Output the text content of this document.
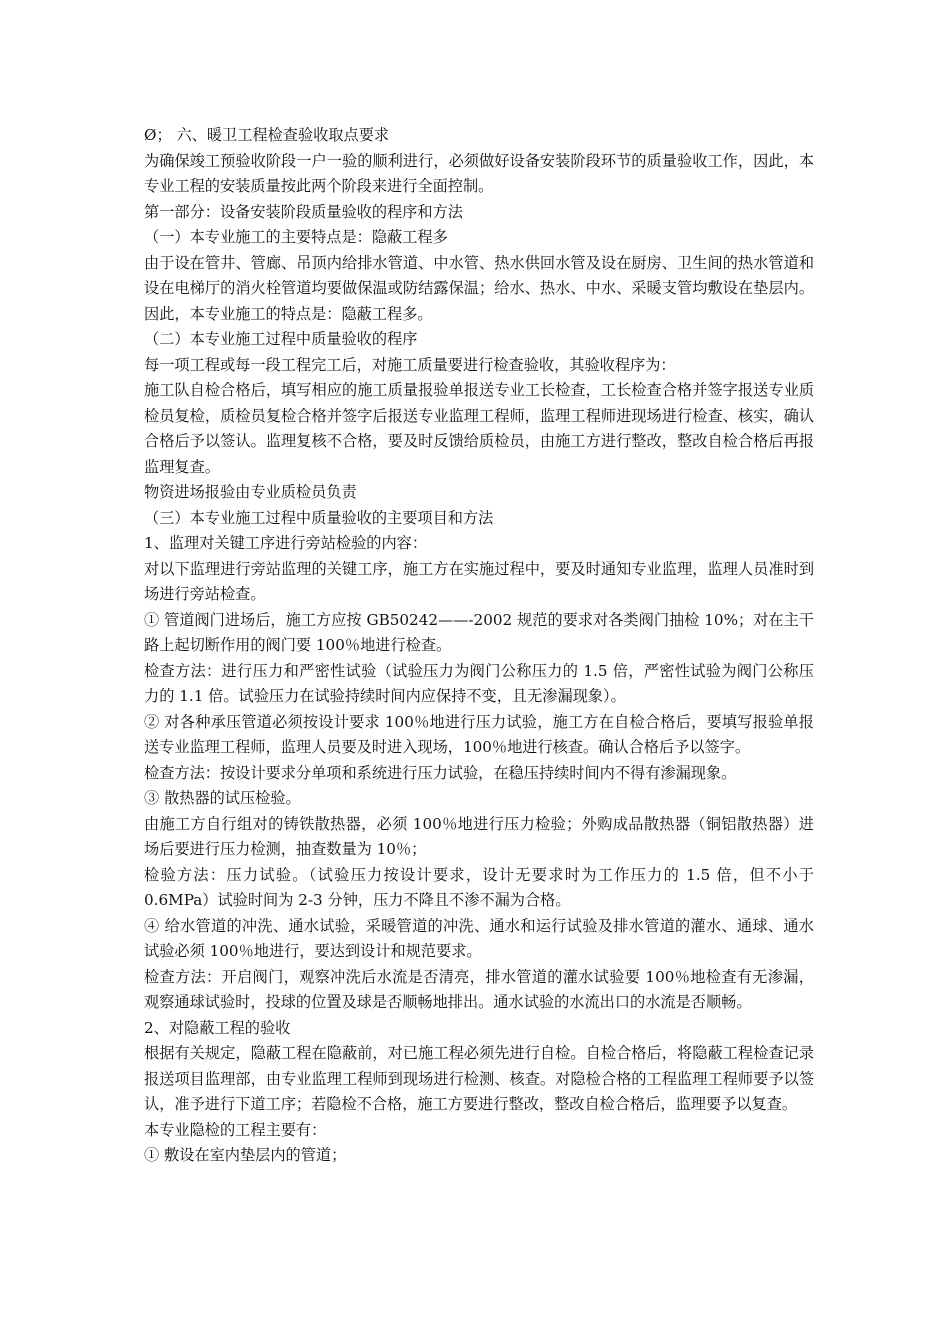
Ø； 六、暖卫工程检查验收取点要求

为确保竣工预验收阶段一户一验的顺利进行，必须做好设备安装阶段环节的质量验收工作，因此，本专业工程的安装质量按此两个阶段来进行全面控制。

第一部分：设备安装阶段质量验收的程序和方法

（一）本专业施工的主要特点是：隐蔽工程多

由于设在管井、管廊、吊顶内给排水管道、中水管、热水供回水管及设在厨房、卫生间的热水管道和设在电梯厅的消火栓管道均要做保温或防结露保温；给水、热水、中水、采暖支管均敷设在垫层内。因此，本专业施工的特点是：隐蔽工程多。

（二）本专业施工过程中质量验收的程序

每一项工程或每一段工程完工后，对施工质量要进行检查验收，其验收程序为：

施工队自检合格后，填写相应的施工质量报验单报送专业工长检查，工长检查合格并签字报送专业质检员复检，质检员复检合格并签字后报送专业监理工程师，监理工程师进现场进行检查、核实，确认合格后予以签认。监理复核不合格，要及时反馈给质检员，由施工方进行整改，整改自检合格后再报监理复查。

物资进场报验由专业质检员负责

（三）本专业施工过程中质量验收的主要项目和方法

1、监理对关键工序进行旁站检验的内容：

对以下监理进行旁站监理的关键工序，施工方在实施过程中，要及时通知专业监理，监理人员准时到场进行旁站检查。

① 管道阀门进场后，施工方应按 GB50242——-2002 规范的要求对各类阀门抽检 10%；对在主干路上起切断作用的阀门要 100％地进行检查。

检查方法：进行压力和严密性试验（试验压力为阀门公称压力的 1.5 倍，严密性试验为阀门公称压力的 1.1 倍。试验压力在试验持续时间内应保持不变，且无渗漏现象）。

② 对各种承压管道必须按设计要求 100％地进行压力试验，施工方在自检合格后，要填写报验单报送专业监理工程师，监理人员要及时进入现场，100％地进行核查。确认合格后予以签字。

检查方法：按设计要求分单项和系统进行压力试验，在稳压持续时间内不得有渗漏现象。

③ 散热器的试压检验。

由施工方自行组对的铸铁散热器，必须 100％地进行压力检验；外购成品散热器（铜铝散热器）进场后要进行压力检测，抽查数量为 10％；

检验方法：压力试验。（试验压力按设计要求，设计无要求时为工作压力的 1.5 倍，但不小于 0.6MPa）试验时间为 2-3 分钟，压力不降且不渗不漏为合格。

④ 给水管道的冲洗、通水试验，采暖管道的冲洗、通水和运行试验及排水管道的灌水、通球、通水试验必须 100％地进行，要达到设计和规范要求。

检查方法：开启阀门，观察冲洗后水流是否清亮，排水管道的灌水试验要 100％地检查有无渗漏，观察通球试验时，投球的位置及球是否顺畅地排出。通水试验的水流出口的水流是否顺畅。

2、对隐蔽工程的验收

根据有关规定，隐蔽工程在隐蔽前，对已施工程必须先进行自检。自检合格后，将隐蔽工程检查记录报送项目监理部，由专业监理工程师到现场进行检测、核查。对隐检合格的工程监理工程师要予以签认，准予进行下道工序；若隐检不合格，施工方要进行整改，整改自检合格后，监理要予以复查。

本专业隐检的工程主要有：

① 敷设在室内垫层内的管道；
